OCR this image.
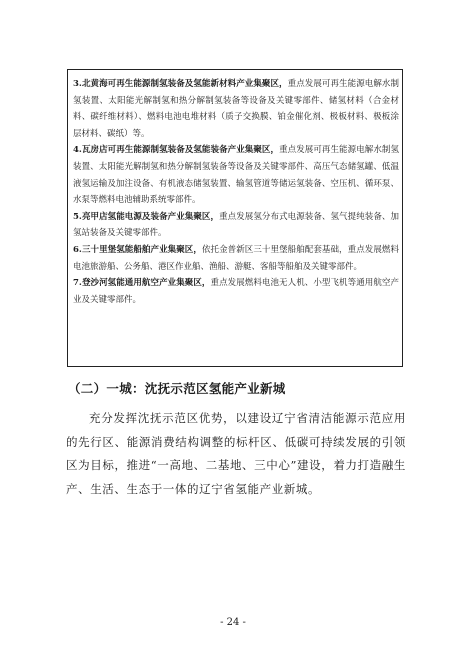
3.北黄海可再生能源制氢装备及氢能新材料产业集聚区，重点发展可再生能源电解水制氢装置、太阳能光解制氢和热分解制氢装备等设备及关键零部件、储氢材料（合金材料、碳纤维材料）、燃料电池电堆材料（质子交换膜、铂金催化剂、极板材料、极板涂层材料、碳纸）等。

4.瓦房店可再生能源制氢装备及氢能装备产业集聚区，重点发展可再生能源电解水制氢装置、太阳能光解制氢和热分解制氢装备等设备及关键零部件、高压气态储氢罐、低温液氢运输及加注设备、有机液态储氢装置、输氢管道等储运氢装备、空压机、循环泵、水泵等燃料电池辅助系统零部件。

5.亮甲店氢能电源及装备产业集聚区，重点发展氢分布式电源装备、氢气提纯装备、加氢站装备及关键零部件。

6.三十里堡氢能船舶产业集聚区，依托金普新区三十里堡船舶配套基础，重点发展燃料电池旅游船、公务船、港区作业船、渔船、游艇、客船等船舶及关键零部件。

7.登沙河氢能通用航空产业集聚区，重点发展燃料电池无人机、小型飞机等通用航空产业及关键零部件。

（二）一城：沈抚示范区氢能产业新城

充分发挥沈抚示范区优势，以建设辽宁省清洁能源示范应用的先行区、能源消费结构调整的标杆区、低碳可持续发展的引领区为目标，推进“一高地、二基地、三中心”建设，着力打造融生产、生活、生态于一体的辽宁省氢能产业新城。

- 24 -
